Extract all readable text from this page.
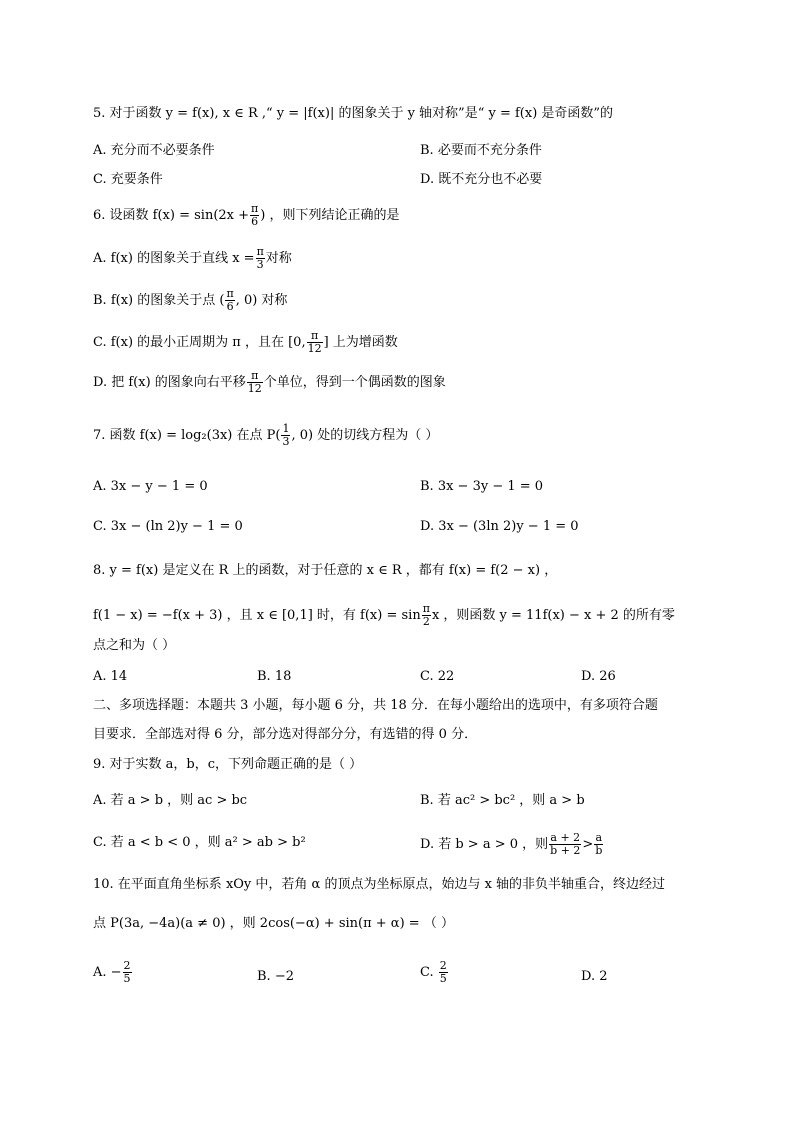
5. 对于函数 y = f(x), x ∈ R ,“ y = |f(x)| 的图象关于 y 轴对称”是“ y = f(x) 是奇函数”的
A. 充分而不必要条件	B. 必要而不充分条件
C. 充要条件	D. 既不充分也不必要
6. 设函数 $f(x) = \sin(2x + \frac{\pi}{6}$ ) ，则下列结论正确的是
A. f(x) 的图象关于直线 $x = \frac{\pi}{3}$ 对称
B. f(x) 的图象关于点 ( $\frac{\pi}{6}$ , 0) 对称
C. f(x) 的最小正周期为 π ，且在 [0, $\frac{\pi}{12}$ ] 上为增函数
D. 把 f(x) 的图象向右平移 $\frac{\pi}{12}$ 个单位，得到一个偶函数的图象
7. 函数 f(x) = log₂(3x) 在点 $P( \frac{1}{3}$ , 0) 处的切线方程为（ ）
A. 3x − y − 1 = 0	B. 3x − 3y − 1 = 0
C. 3x − (ln 2)y − 1 = 0	D. 3x − (3ln 2)y − 1 = 0
8. y = f(x) 是定义在 R 上的函数，对于任意的 x ∈ R ，都有 f(x) = f(2 − x) ，
f(1 − x) = −f(x + 3) ，且 x ∈ [0,1] 时，有 $f(x) = \sin \frac{\pi}{2}$ x ，则函数 y = 11f(x) − x + 2 的所有零
点之和为（ ）
A. 14	B. 18	C. 22	D. 26
二、多项选择题：本题共 3 小题，每小题 6 分，共 18 分．在每小题给出的选项中，有多项符合题
目要求．全部选对得 6 分，部分选对得部分分，有选错的得 0 分．
9. 对于实数 a，b，c，下列命题正确的是（ ）
A. 若 a > b ，则 ac > bc	B. 若 ac² > bc² ，则 a > b
C. 若 a < b < 0 ，则 a² > ab > b²	D. 若 b > a > 0 ，则 $\frac{a + 2}{b + 2} > \frac{a}{b}$
10. 在平面直角坐标系 xOy 中，若角 α 的顶点为坐标原点，始边与 x 轴的非负半轴重合，终边经过
点 P(3a, −4a)(a ≠ 0) ，则 2cos(−α) + sin(π + α) = （ ）
A. − $\frac{2}{5}$	B. −2	C. $\frac{2}{5}$	D. 2
